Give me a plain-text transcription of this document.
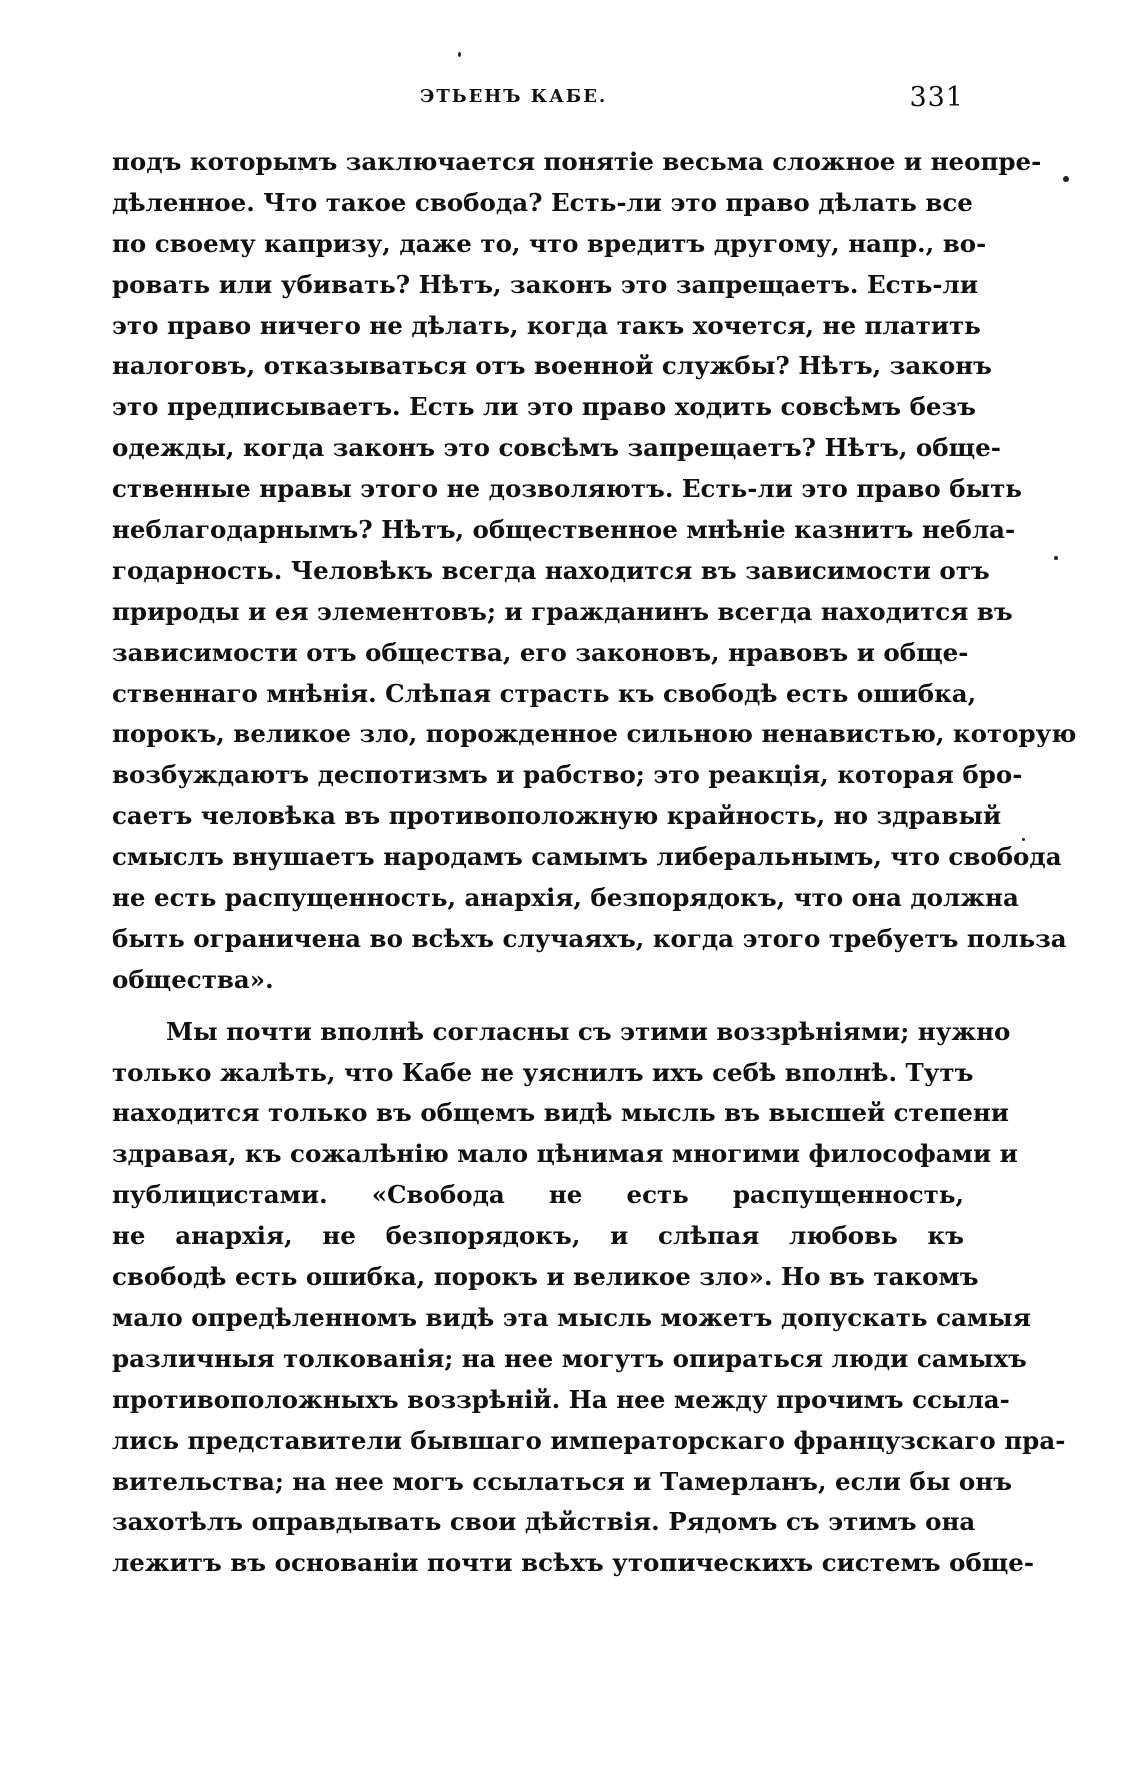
ЭТЬЕНЪ КАБЕ.	331
подъ которымъ заключается понятіе весьма сложное и неопре-
дѣленное. Что такое свобода? Есть-ли это право дѣлать все
по своему капризу, даже то, что вредитъ другому, напр., во-
ровать или убивать? Нѣтъ, законъ это запрещаетъ. Есть-ли
это право ничего не дѣлать, когда такъ хочется, не платить
налоговъ, отказываться отъ военной службы? Нѣтъ, законъ
это предписываетъ. Есть ли это право ходить совсѣмъ безъ
одежды, когда законъ это совсѣмъ запрещаетъ? Нѣтъ, обще-
ственные нравы этого не дозволяютъ. Есть-ли это право быть
неблагодарнымъ? Нѣтъ, общественное мнѣніе казнитъ небла-
годарность. Человѣкъ всегда находится въ зависимости отъ
природы и ея элементовъ; и гражданинъ всегда находится въ
зависимости отъ общества, его законовъ, нравовъ и обще-
ственнаго мнѣнія. Слѣпая страсть къ свободѣ есть ошибка,
порокъ, великое зло, порожденное сильною ненавистью, которую
возбуждаютъ деспотизмъ и рабство; это реакція, которая бро-
саетъ человѣка въ противоположную крайность, но здравый
смыслъ внушаетъ народамъ самымъ либеральнымъ, что свобода
не есть распущенность, анархія, безпорядокъ, что она должна
быть ограничена во всѣхъ случаяхъ, когда этого требуетъ польза
общества».
Мы почти вполнѣ согласны съ этими воззрѣніями; нужно
только жалѣть, что Кабе не уяснилъ ихъ себѣ вполнѣ. Тутъ
находится только въ общемъ видѣ мысль въ высшей степени
здравая, къ сожалѣнію мало цѣнимая многими философами и
публицистами. «Свобода не есть распущенность,
не анархія, не безпорядокъ, и слѣпая любовь къ
свободѣ есть ошибка, порокъ и великое зло». Но въ такомъ
мало опредѣленномъ видѣ эта мысль можетъ допускать самыя
различныя толкованія; на нее могутъ опираться люди самыхъ
противоположныхъ воззрѣній. На нее между прочимъ ссыла-
лись представители бывшаго императорскаго французскаго пра-
вительства; на нее могъ ссылаться и Тамерланъ, если бы онъ
захотѣлъ оправдывать свои дѣйствія. Рядомъ съ этимъ она
лежитъ въ основаніи почти всѣхъ утопическихъ системъ обще-
